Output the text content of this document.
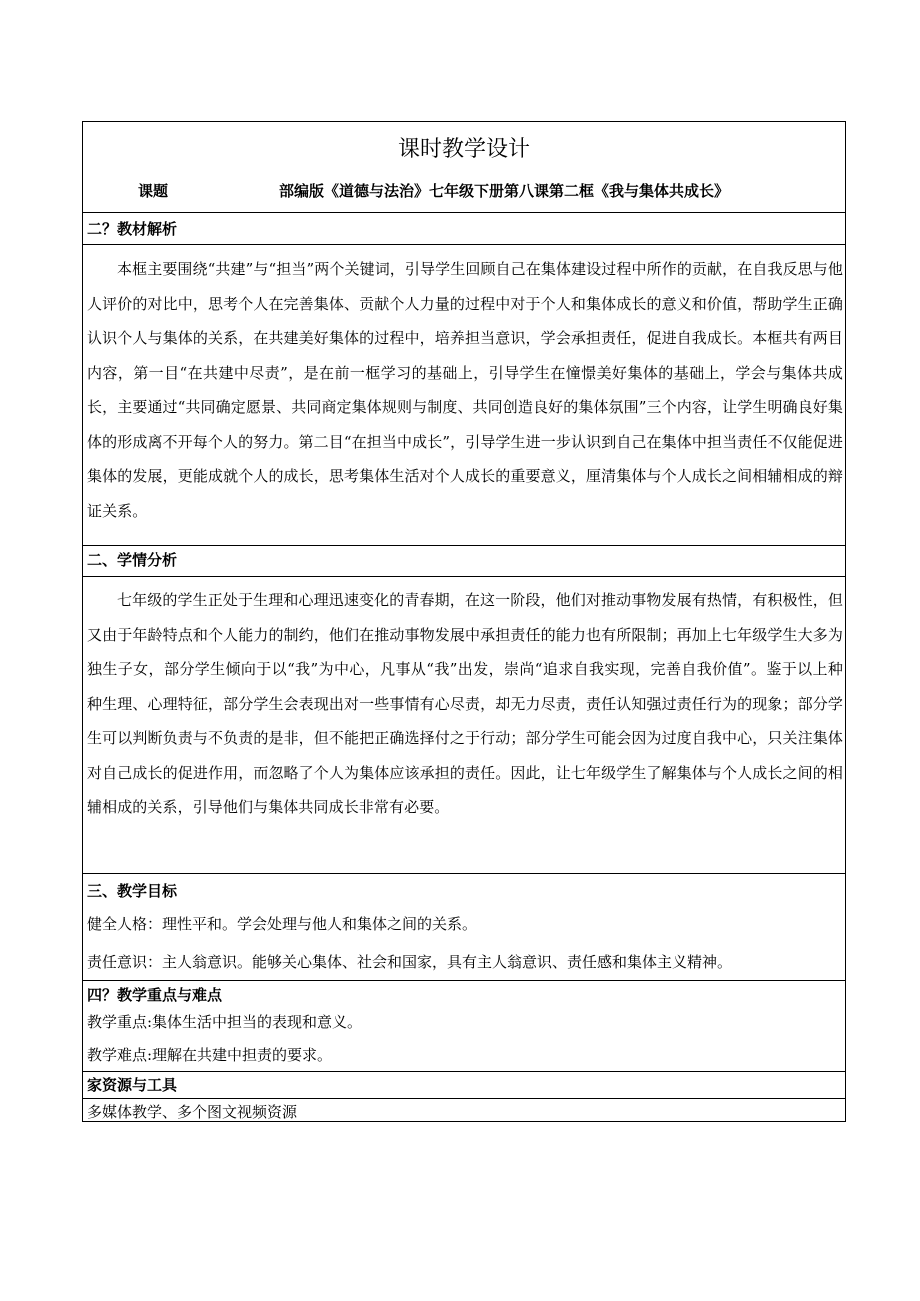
课时教学设计
课题	部编版《道德与法治》七年级下册第八课第二框《我与集体共成长》
二？教材解析
本框主要围绕“共建”与“担当”两个关键词，引导学生回顾自己在集体建设过程中所作的贡献，在自我反思与他人评价的对比中，思考个人在完善集体、贡献个人力量的过程中对于个人和集体成长的意义和价值，帮助学生正确认识个人与集体的关系，在共建美好集体的过程中，培养担当意识，学会承担责任，促进自我成长。本框共有两目内容，第一目“在共建中尽责”，是在前一框学习的基础上，引导学生在憧憬美好集体的基础上，学会与集体共成长，主要通过“共同确定愿景、共同商定集体规则与制度、共同创造良好的集体氛围”三个内容，让学生明确良好集体的形成离不开每个人的努力。第二目“在担当中成长”，引导学生进一步认识到自己在集体中担当责任不仅能促进集体的发展，更能成就个人的成长，思考集体生活对个人成长的重要意义，厘清集体与个人成长之间相辅相成的辩证关系。
二、学情分析
七年级的学生正处于生理和心理迅速变化的青春期，在这一阶段，他们对推动事物发展有热情，有积极性，但又由于年龄特点和个人能力的制约，他们在推动事物发展中承担责任的能力也有所限制；再加上七年级学生大多为独生子女，部分学生倾向于以“我”为中心，凡事从“我”出发，崇尚“追求自我实现，完善自我价值”。鉴于以上种种生理、心理特征，部分学生会表现出对一些事情有心尽责，却无力尽责，责任认知强过责任行为的现象；部分学生可以判断负责与不负责的是非，但不能把正确选择付之于行动；部分学生可能会因为过度自我中心，只关注集体对自己成长的促进作用，而忽略了个人为集体应该承担的责任。因此，让七年级学生了解集体与个人成长之间的相辅相成的关系，引导他们与集体共同成长非常有必要。
三、教学目标
健全人格：理性平和。学会处理与他人和集体之间的关系。
责任意识：主人翁意识。能够关心集体、社会和国家，具有主人翁意识、责任感和集体主义精神。
四？教学重点与难点
教学重点:集体生活中担当的表现和意义。
教学难点:理解在共建中担责的要求。
家资源与工具
多媒体教学、多个图文视频资源
